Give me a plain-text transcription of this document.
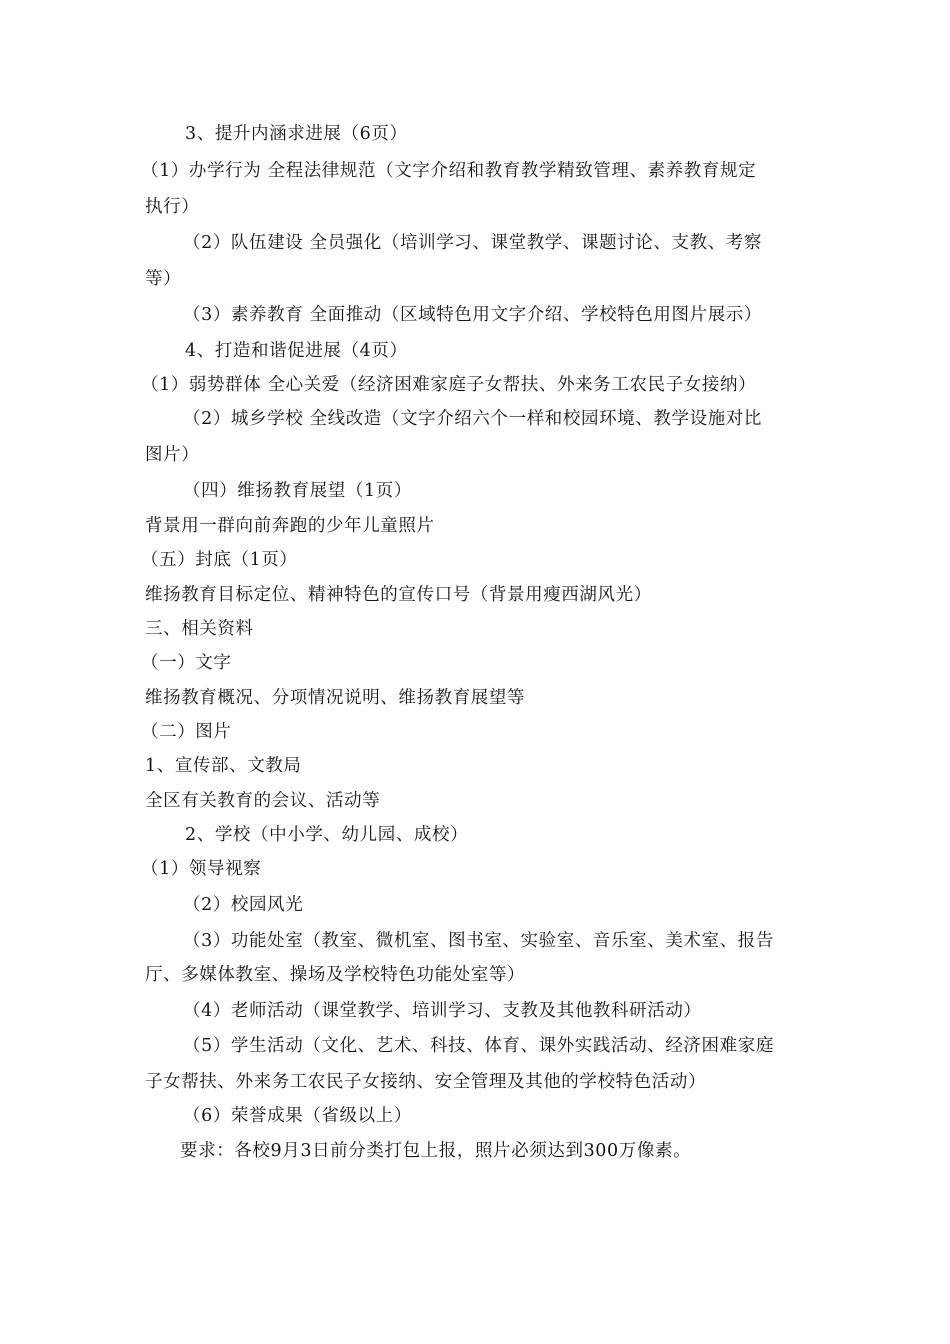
3、提升内涵求进展（6页）
（1）办学行为 全程法律规范（文字介绍和教育教学精致管理、素养教育规定
执行）
（2）队伍建设 全员强化（培训学习、课堂教学、课题讨论、支教、考察
等）
（3）素养教育 全面推动（区域特色用文字介绍、学校特色用图片展示）
4、打造和谐促进展（4页）
（1）弱势群体 全心关爱（经济困难家庭子女帮扶、外来务工农民子女接纳）
（2）城乡学校 全线改造（文字介绍六个一样和校园环境、教学设施对比
图片）
（四）维扬教育展望（1页）
背景用一群向前奔跑的少年儿童照片
（五）封底（1页）
维扬教育目标定位、精神特色的宣传口号（背景用瘦西湖风光）
三、相关资料
（一）文字
维扬教育概况、分项情况说明、维扬教育展望等
（二）图片
1、宣传部、文教局
全区有关教育的会议、活动等
2、学校（中小学、幼儿园、成校）
（1）领导视察
（2）校园风光
（3）功能处室（教室、微机室、图书室、实验室、音乐室、美术室、报告
厅、多媒体教室、操场及学校特色功能处室等）
（4）老师活动（课堂教学、培训学习、支教及其他教科研活动）
（5）学生活动（文化、艺术、科技、体育、课外实践活动、经济困难家庭
子女帮扶、外来务工农民子女接纳、安全管理及其他的学校特色活动）
（6）荣誉成果（省级以上）
要求：各校9月3日前分类打包上报，照片必须达到300万像素。
